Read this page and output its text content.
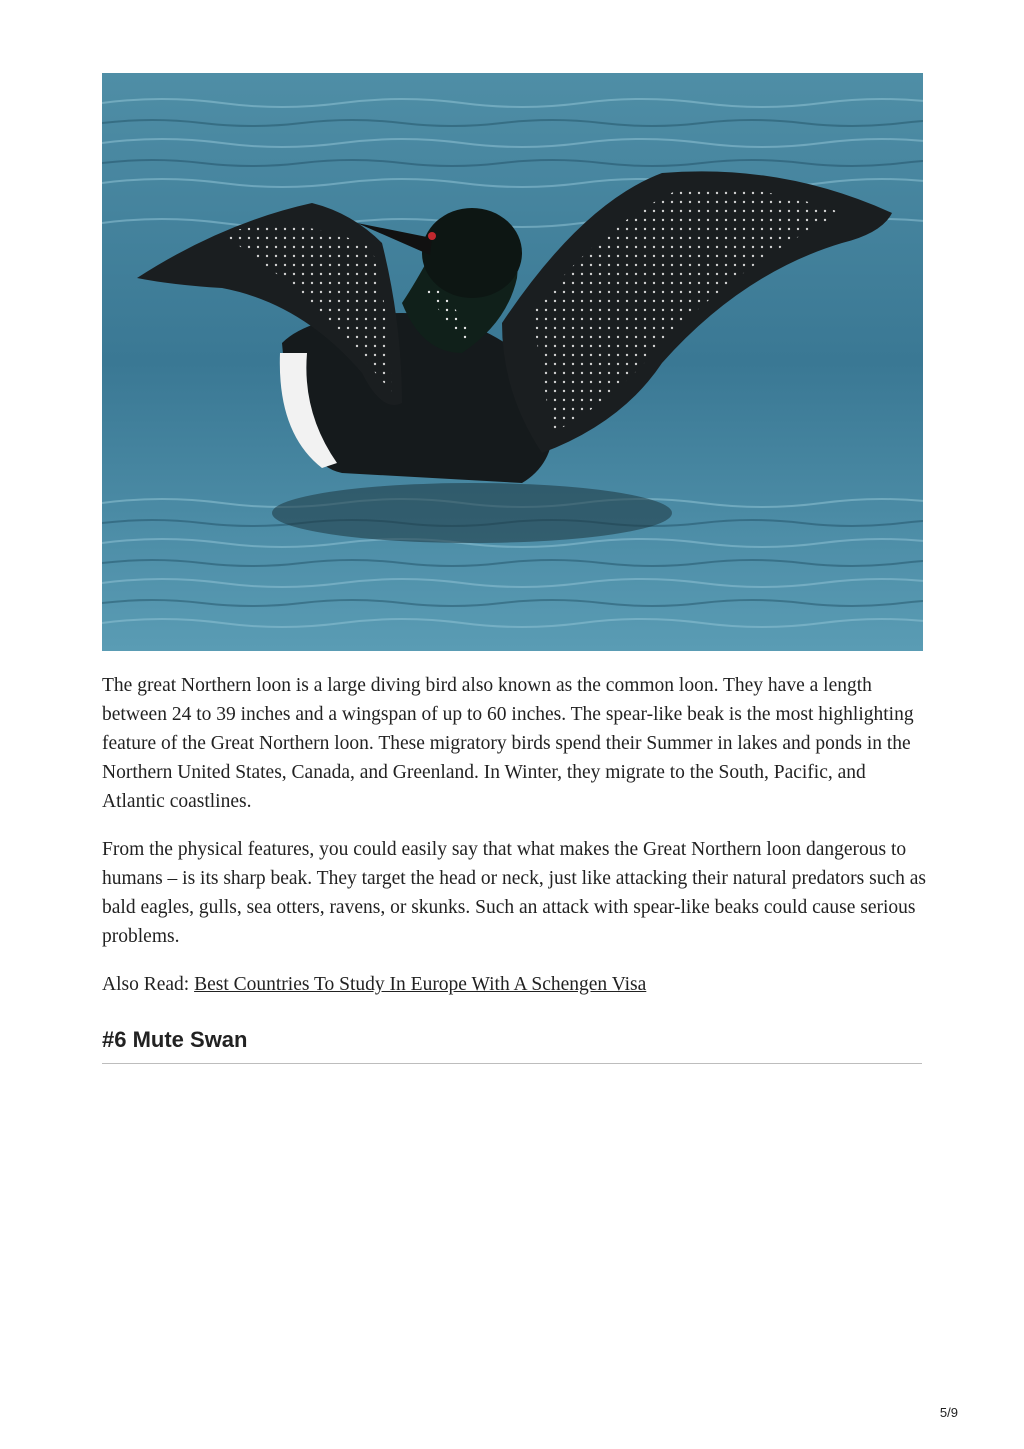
The great Northern loon is a large diving bird also known as the common loon. They have a length between 24 to 39 inches and a wingspan of up to 60 inches. The spear-like beak is the most highlighting feature of the Great Northern loon. These migratory birds spend their Summer in lakes and ponds in the Northern United States, Canada, and Greenland. In Winter, they migrate to the South, Pacific, and Atlantic coastlines.

From the physical features, you could easily say that what makes the Great Northern loon dangerous to humans – is its sharp beak. They target the head or neck, just like attacking their natural predators such as bald eagles, gulls, sea otters, ravens, or skunks. Such an attack with spear-like beaks could cause serious problems.

Also Read: Best Countries To Study In Europe With A Schengen Visa

#6 Mute Swan
5/9
